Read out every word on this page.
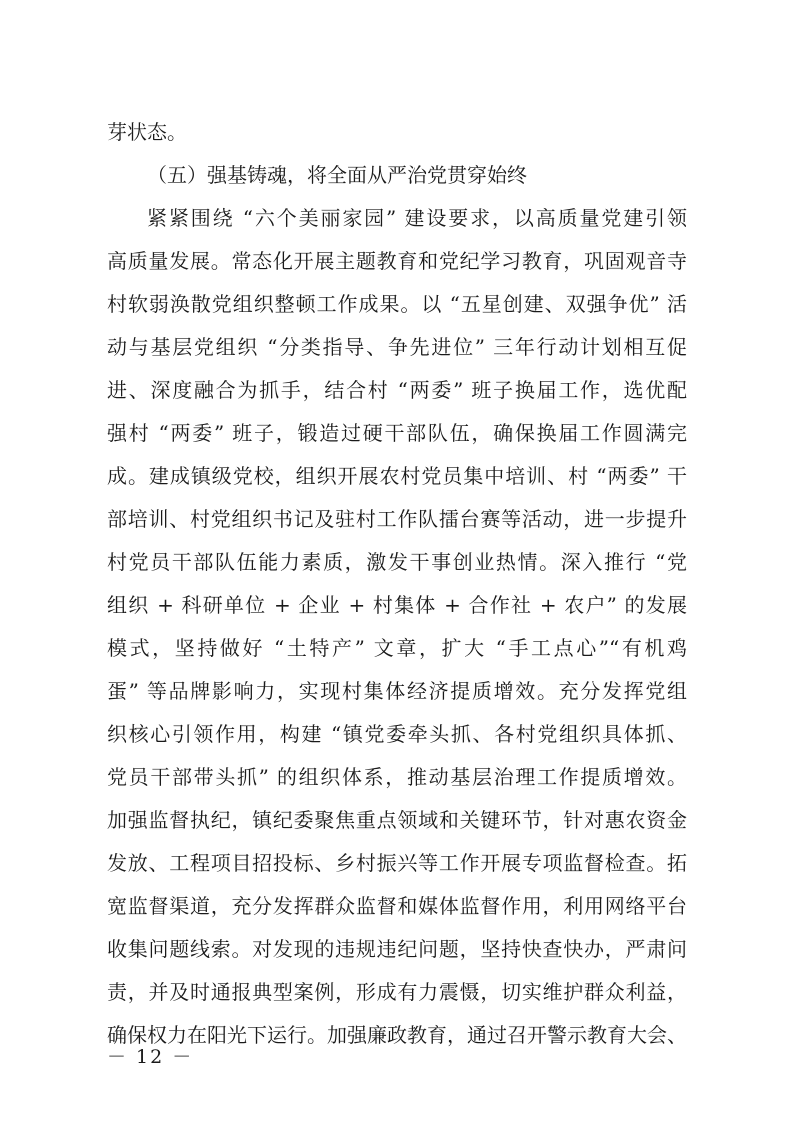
芽状态。
（五）强基铸魂，将全面从严治党贯穿始终
紧紧围绕 “六个美丽家园” 建设要求，以高质量党建引领
高质量发展。常态化开展主题教育和党纪学习教育，巩固观音寺
村软弱涣散党组织整顿工作成果。以 “五星创建、双强争优” 活
动与基层党组织 “分类指导、争先进位” 三年行动计划相互促
进、深度融合为抓手，结合村 “两委” 班子换届工作，选优配
强村 “两委” 班子，锻造过硬干部队伍，确保换届工作圆满完
成。建成镇级党校，组织开展农村党员集中培训、村 “两委” 干
部培训、村党组织书记及驻村工作队擂台赛等活动，进一步提升
村党员干部队伍能力素质，激发干事创业热情。深入推行 “党
组织 + 科研单位 + 企业 + 村集体 + 合作社 + 农户” 的发展
模式，坚持做好 “土特产” 文章，扩大 “手工点心”“有机鸡
蛋” 等品牌影响力，实现村集体经济提质增效。充分发挥党组
织核心引领作用，构建 “镇党委牵头抓、各村党组织具体抓、
党员干部带头抓” 的组织体系，推动基层治理工作提质增效。
加强监督执纪，镇纪委聚焦重点领域和关键环节，针对惠农资金
发放、工程项目招投标、乡村振兴等工作开展专项监督检查。拓
宽监督渠道，充分发挥群众监督和媒体监督作用，利用网络平台
收集问题线索。对发现的违规违纪问题，坚持快查快办，严肃问
责，并及时通报典型案例，形成有力震慑，切实维护群众利益，
确保权力在阳光下运行。加强廉政教育，通过召开警示教育大会、
－ 12 －
